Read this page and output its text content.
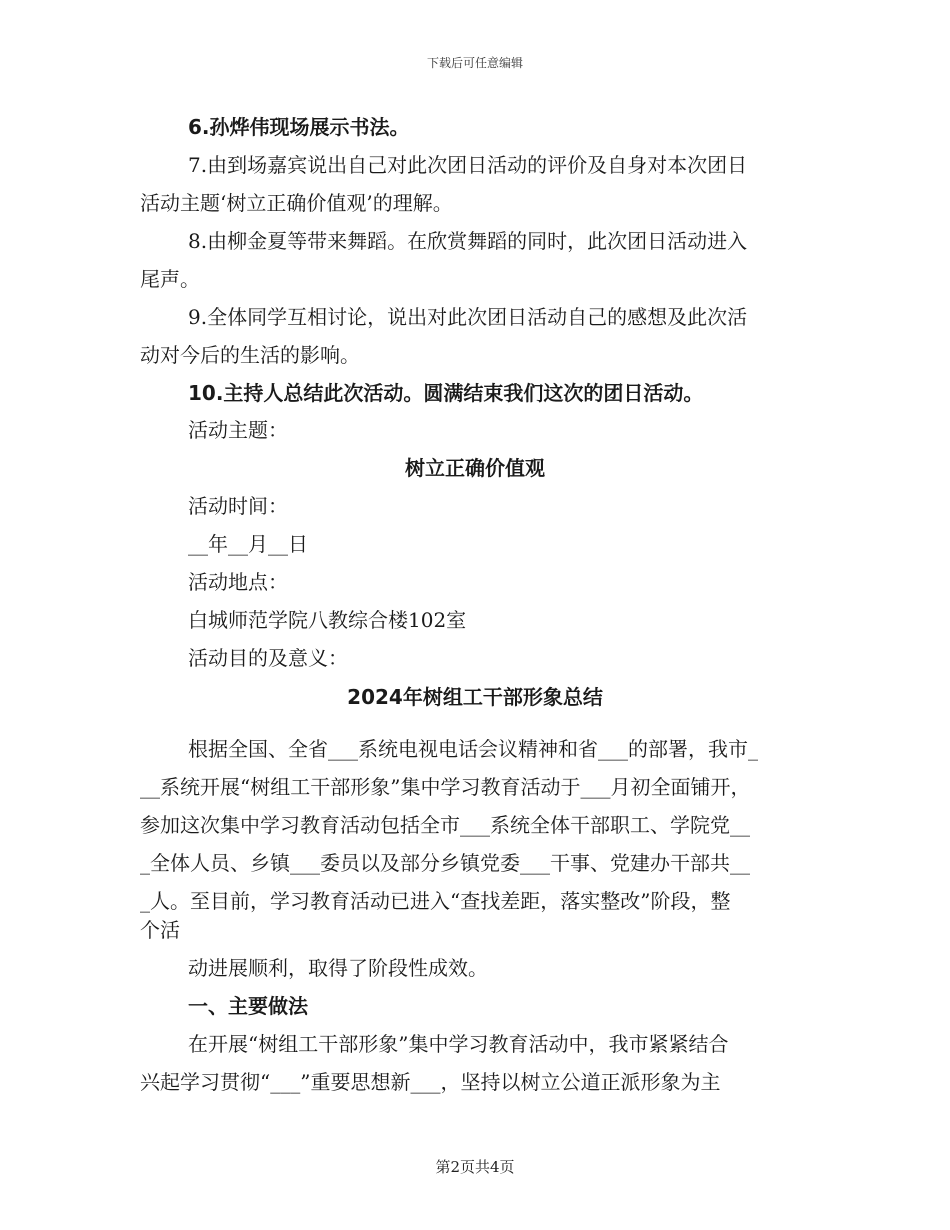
下载后可任意编辑
6.孙烨伟现场展示书法。
7.由到场嘉宾说出自己对此次团日活动的评价及自身对本次团日
活动主题‘树立正确价值观’的理解。
8.由柳金夏等带来舞蹈。在欣赏舞蹈的同时，此次团日活动进入
尾声。
9.全体同学互相讨论，说出对此次团日活动自己的感想及此次活
动对今后的生活的影响。
10.主持人总结此次活动。圆满结束我们这次的团日活动。
活动主题：
树立正确价值观
活动时间：
__年__月__日
活动地点：
白城师范学院八教综合楼102室
活动目的及意义：
2024年树组工干部形象总结
根据全国、全省___系统电视电话会议精神和省___的部署，我市_
__系统开展“树组工干部形象”集中学习教育活动于___月初全面铺开，
参加这次集中学习教育活动包括全市___系统全体干部职工、学院党__
_全体人员、乡镇___委员以及部分乡镇党委___干事、党建办干部共__
_人。至目前，学习教育活动已进入“查找差距，落实整改”阶段，整
个活
动进展顺利，取得了阶段性成效。
一、主要做法
在开展“树组工干部形象”集中学习教育活动中，我市紧紧结合
兴起学习贯彻“___”重要思想新___，坚持以树立公道正派形象为主
第2页共4页
